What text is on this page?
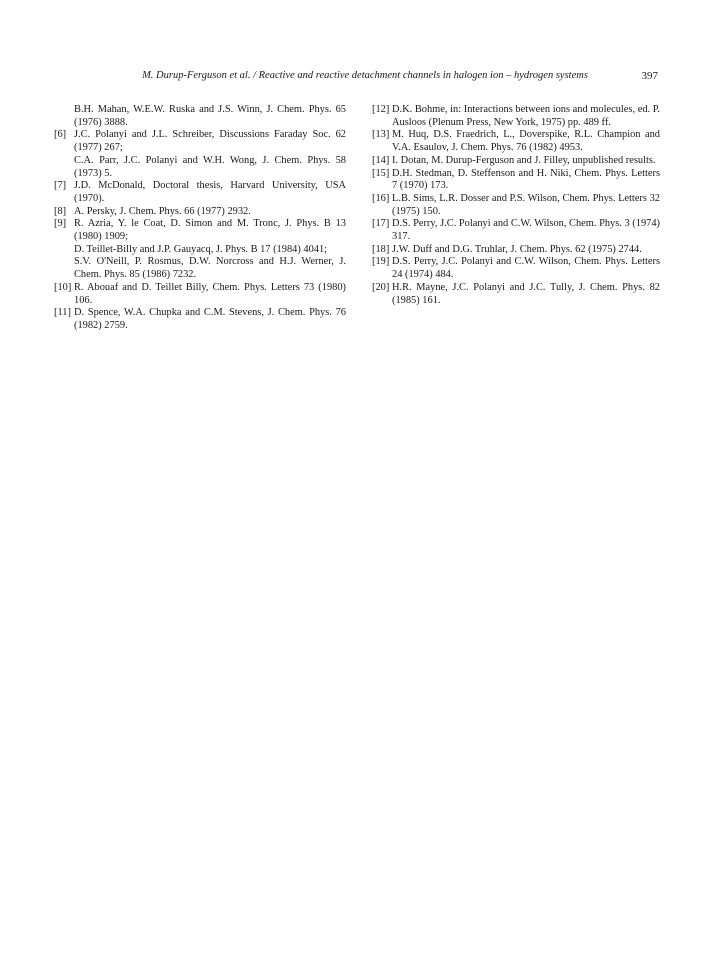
M. Durup-Ferguson et al. / Reactive and reactive detachment channels in halogen ion – hydrogen systems	397
B.H. Mahan, W.E.W. Ruska and J.S. Winn, J. Chem. Phys. 65 (1976) 3888.
[6] J.C. Polanyi and J.L. Schreiber, Discussions Faraday Soc. 62 (1977) 267;
C.A. Parr, J.C. Polanyi and W.H. Wong, J. Chem. Phys. 58 (1973) 5.
[7] J.D. McDonald, Doctoral thesis, Harvard University, USA (1970).
[8] A. Persky, J. Chem. Phys. 66 (1977) 2932.
[9] R. Azria, Y. le Coat, D. Simon and M. Tronc, J. Phys. B 13 (1980) 1909;
D. Teillet-Billy and J.P. Gauyacq, J. Phys. B 17 (1984) 4041;
S.V. O'Neill, P. Rosmus, D.W. Norcross and H.J. Werner, J. Chem. Phys. 85 (1986) 7232.
[10] R. Abouaf and D. Teillet Billy, Chem. Phys. Letters 73 (1980) 106.
[11] D. Spence, W.A. Chupka and C.M. Stevens, J. Chem. Phys. 76 (1982) 2759.
[12] D.K. Bohme, in: Interactions between ions and molecules, ed. P. Ausloos (Plenum Press, New York, 1975) pp. 489 ff.
[13] M. Huq, D.S. Fraedrich, L., Doverspike, R.L. Champion and V.A. Esaulov, J. Chem. Phys. 76 (1982) 4953.
[14] I. Dotan, M. Durup-Ferguson and J. Filley, unpublished results.
[15] D.H. Stedman, D. Steffenson and H. Niki, Chem. Phys. Letters 7 (1970) 173.
[16] L.B. Sims, L.R. Dosser and P.S. Wilson, Chem. Phys. Letters 32 (1975) 150.
[17] D.S. Perry, J.C. Polanyi and C.W. Wilson, Chem. Phys. 3 (1974) 317.
[18] J.W. Duff and D.G. Truhlar, J. Chem. Phys. 62 (1975) 2744.
[19] D.S. Perry, J.C. Polanyi and C.W. Wilson, Chem. Phys. Letters 24 (1974) 484.
[20] H.R. Mayne, J.C. Polanyi and J.C. Tully, J. Chem. Phys. 82 (1985) 161.
